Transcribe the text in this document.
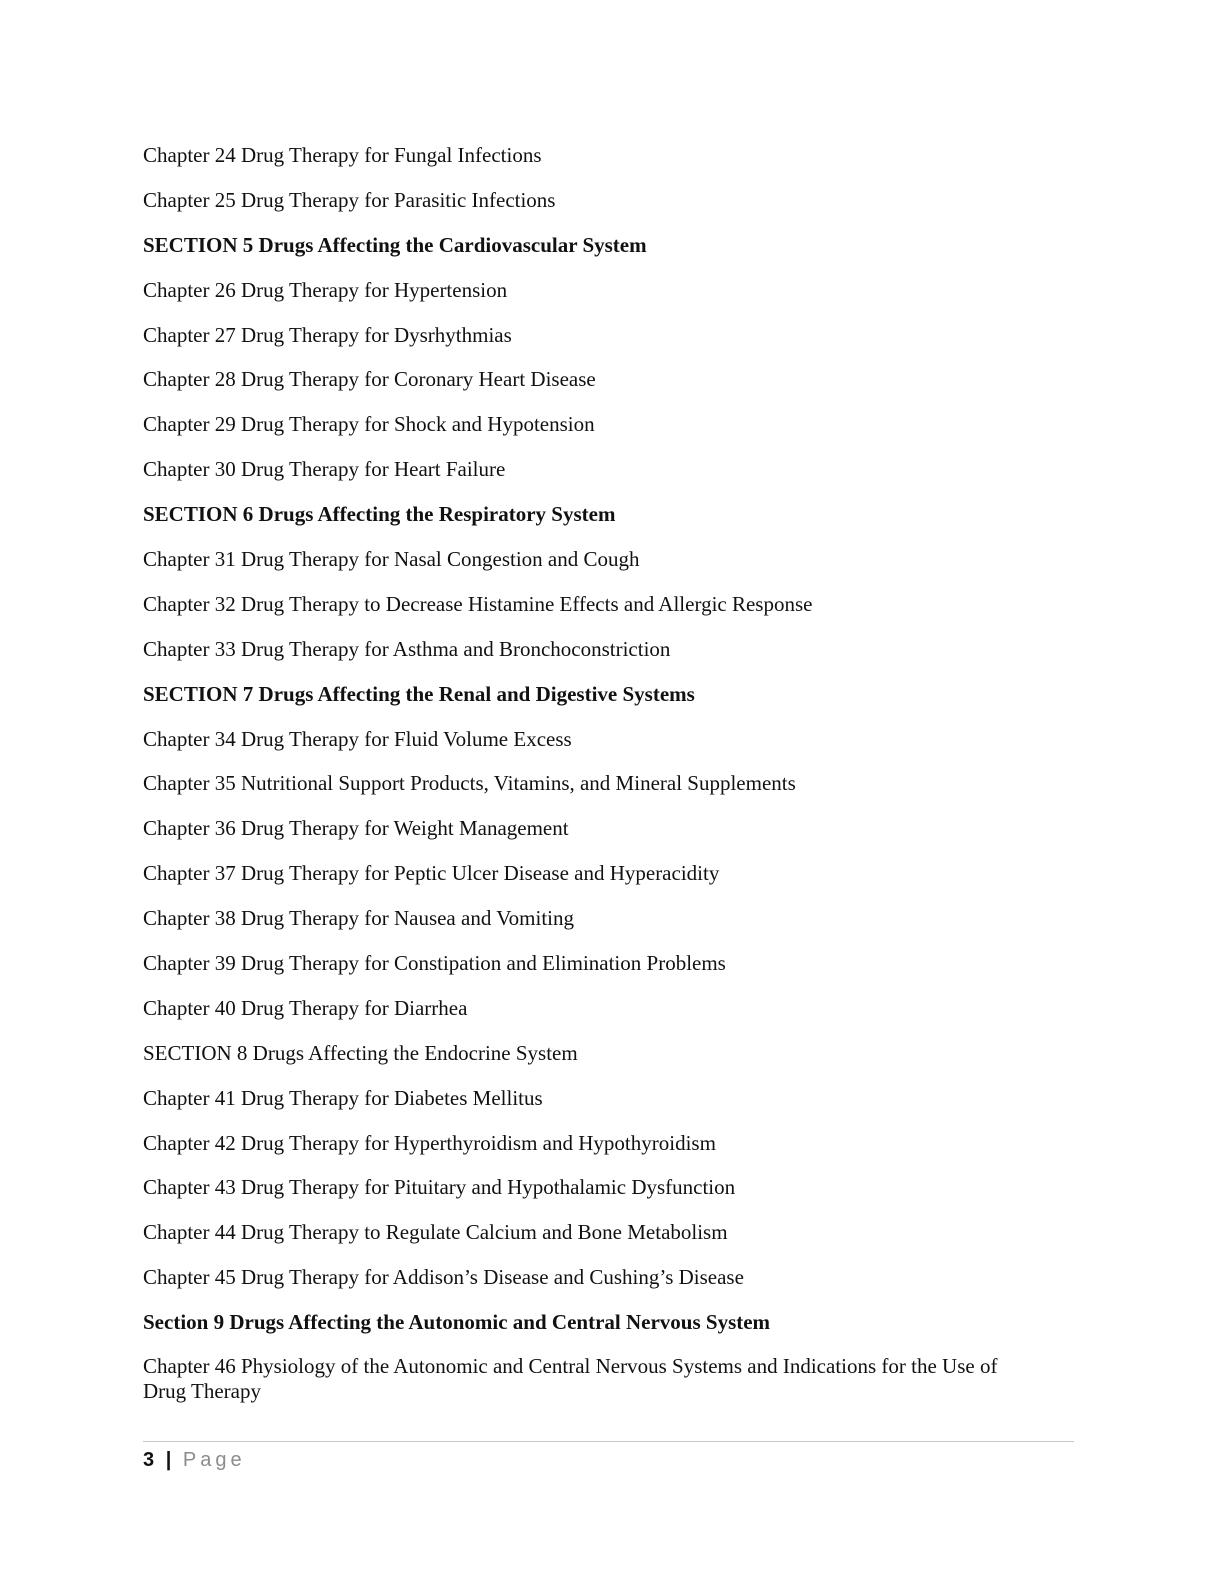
Chapter 24 Drug Therapy for Fungal Infections
Chapter 25 Drug Therapy for Parasitic Infections
SECTION 5 Drugs Affecting the Cardiovascular System
Chapter 26 Drug Therapy for Hypertension
Chapter 27 Drug Therapy for Dysrhythmias
Chapter 28 Drug Therapy for Coronary Heart Disease
Chapter 29 Drug Therapy for Shock and Hypotension
Chapter 30 Drug Therapy for Heart Failure
SECTION 6 Drugs Affecting the Respiratory System
Chapter 31 Drug Therapy for Nasal Congestion and Cough
Chapter 32 Drug Therapy to Decrease Histamine Effects and Allergic Response
Chapter 33 Drug Therapy for Asthma and Bronchoconstriction
SECTION 7 Drugs Affecting the Renal and Digestive Systems
Chapter 34 Drug Therapy for Fluid Volume Excess
Chapter 35 Nutritional Support Products, Vitamins, and Mineral Supplements
Chapter 36 Drug Therapy for Weight Management
Chapter 37 Drug Therapy for Peptic Ulcer Disease and Hyperacidity
Chapter 38 Drug Therapy for Nausea and Vomiting
Chapter 39 Drug Therapy for Constipation and Elimination Problems
Chapter 40 Drug Therapy for Diarrhea
SECTION 8 Drugs Affecting the Endocrine System
Chapter 41 Drug Therapy for Diabetes Mellitus
Chapter 42 Drug Therapy for Hyperthyroidism and Hypothyroidism
Chapter 43 Drug Therapy for Pituitary and Hypothalamic Dysfunction
Chapter 44 Drug Therapy to Regulate Calcium and Bone Metabolism
Chapter 45 Drug Therapy for Addison’s Disease and Cushing’s Disease
Section 9 Drugs Affecting the Autonomic and Central Nervous System
Chapter 46 Physiology of the Autonomic and Central Nervous Systems and Indications for the Use of Drug Therapy
3 | Page
